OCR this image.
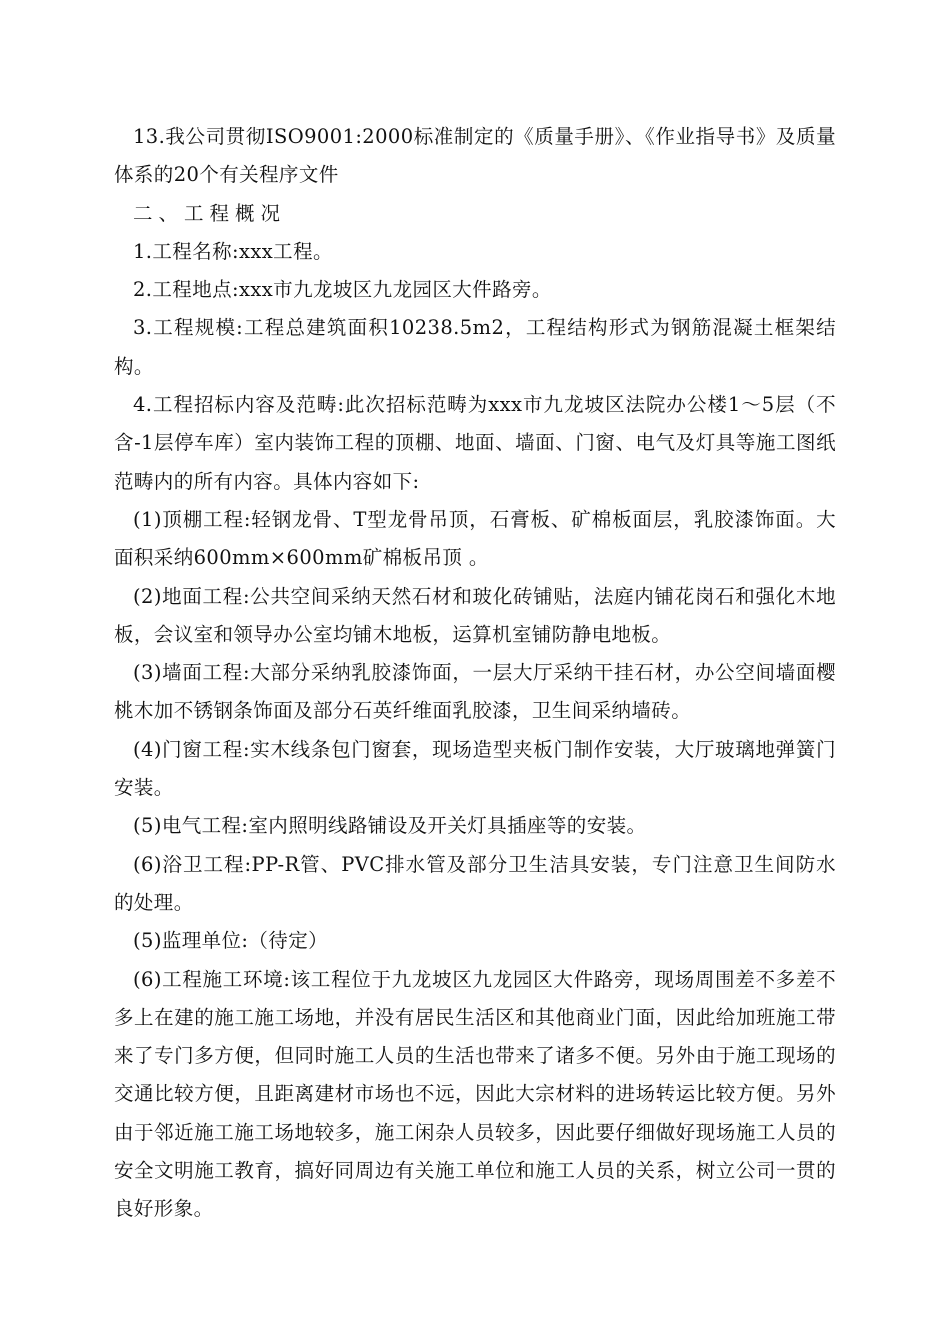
13.我公司贯彻ISO9001:2000标准制定的《质量手册》、《作业指导书》及质量体系的20个有关程序文件

二、工程概况

1.工程名称:xxx工程。

2.工程地点:xxx市九龙坡区九龙园区大件路旁。

3.工程规模:工程总建筑面积10238.5m2，工程结构形式为钢筋混凝土框架结构。

4.工程招标内容及范畴:此次招标范畴为xxx市九龙坡区法院办公楼1～5层（不含-1层停车库）室内装饰工程的顶棚、地面、墙面、门窗、电气及灯具等施工图纸范畴内的所有内容。具体内容如下:

(1)顶棚工程:轻钢龙骨、T型龙骨吊顶，石膏板、矿棉板面层，乳胶漆饰面。大面积采纳600mm×600mm矿棉板吊顶 。

(2)地面工程:公共空间采纳天然石材和玻化砖铺贴，法庭内铺花岗石和强化木地板，会议室和领导办公室均铺木地板，运算机室铺防静电地板。

(3)墙面工程:大部分采纳乳胶漆饰面，一层大厅采纳干挂石材，办公空间墙面樱桃木加不锈钢条饰面及部分石英纤维面乳胶漆，卫生间采纳墙砖。

(4)门窗工程:实木线条包门窗套，现场造型夹板门制作安装，大厅玻璃地弹簧门安装。

(5)电气工程:室内照明线路铺设及开关灯具插座等的安装。

(6)浴卫工程:PP-R管、PVC排水管及部分卫生洁具安装，专门注意卫生间防水的处理。

(5)监理单位:（待定）

(6)工程施工环境:该工程位于九龙坡区九龙园区大件路旁，现场周围差不多差不多上在建的施工施工场地，并没有居民生活区和其他商业门面，因此给加班施工带来了专门多方便，但同时施工人员的生活也带来了诸多不便。另外由于施工现场的交通比较方便，且距离建材市场也不远，因此大宗材料的进场转运比较方便。另外由于邻近施工施工场地较多，施工闲杂人员较多，因此要仔细做好现场施工人员的安全文明施工教育，搞好同周边有关施工单位和施工人员的关系，树立公司一贯的良好形象。
